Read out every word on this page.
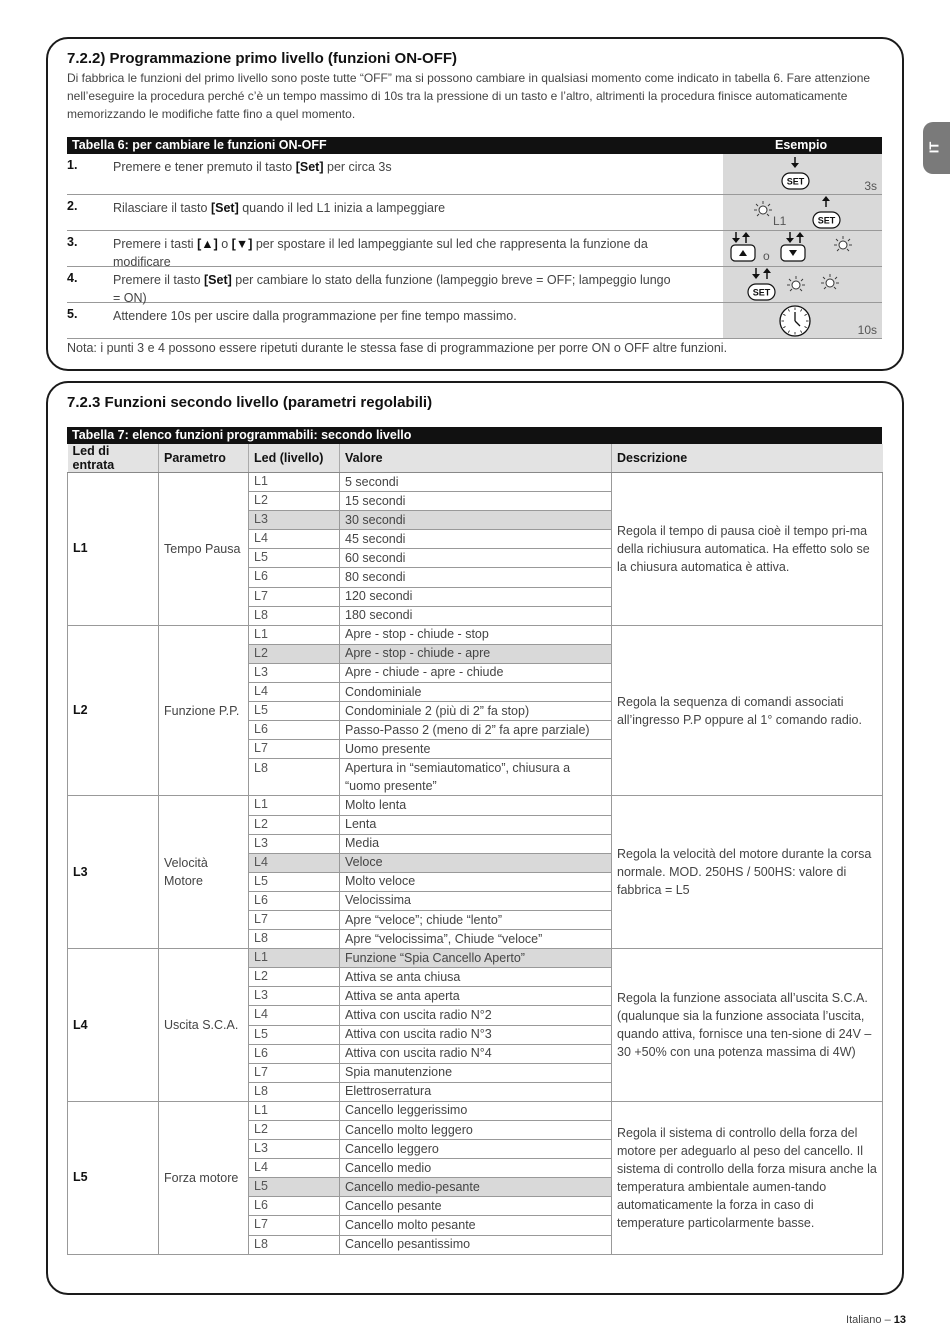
IT
7.2.2) Programmazione primo livello (funzioni ON-OFF)
Di fabbrica le funzioni del primo livello sono poste tutte “OFF” ma si possono cambiare in qualsiasi momento come indicato in tabella 6. Fare attenzione nell’eseguire la procedura perché c’è un tempo massimo di 10s tra la pressione di un tasto e l’altro, altrimenti la procedura finisce automaticamente memorizzando le modifiche fatte fino a quel momento.
Tabella 6: per cambiare le funzioni ON-OFF	Esempio
1.	Premere e tener premuto il tasto [Set] per circa 3s
SET	3s
2.	Rilasciare il tasto [Set] quando il led L1 inizia a lampeggiare
L1	SET
3.	Premere i tasti [▲] o [▼] per spostare il led lampeggiante sul led che rappresenta la funzione da modificare	o
4.	Premere il tasto [Set] per cambiare lo stato della funzione (lampeggio breve = OFF; lampeggio lungo = ON)	SET
5.	Attendere 10s per uscire dalla programmazione per fine tempo massimo.
10s
Nota: i punti 3 e 4 possono essere ripetuti durante le stessa fase di programmazione per porre ON o OFF altre funzioni.
7.2.3 Funzioni secondo livello (parametri regolabili)
Tabella 7: elenco funzioni programmabili: secondo livello
Led di entrata	Parametro	Led (livello)	Valore	Descrizione
L1	Tempo Pausa	L1	5 secondi	Regola il tempo di pausa cioè il tempo pri-ma della richiusura automatica. Ha effetto solo se la chiusura automatica è attiva.
		L2	15 secondi	
		L3	30 secondi	
		L4	45 secondi	
		L5	60 secondi	
		L6	80 secondi	
		L7	120 secondi	
		L8	180 secondi	
L2	Funzione P.P.	L1	Apre - stop - chiude - stop	Regola la sequenza di comandi associati all’ingresso P.P oppure al 1° comando radio.
		L2	Apre - stop - chiude - apre	
		L3	Apre - chiude - apre - chiude	
		L4	Condominiale	
		L5	Condominiale 2 (più di 2” fa stop)	
		L6	Passo-Passo 2 (meno di 2” fa apre parziale)	
		L7	Uomo presente	
		L8	Apertura in “semiautomatico”, chiusura a “uomo presente”	
L3	Velocità Motore	L1	Molto lenta	Regola la velocità del motore durante la corsa normale. MOD. 250HS / 500HS: valore di fabbrica = L5
		L2	Lenta	
		L3	Media	
		L4	Veloce	
		L5	Molto veloce	
		L6	Velocissima	
		L7	Apre “veloce”; chiude “lento”	
		L8	Apre “velocissima”, Chiude “veloce”	
L4	Uscita S.C.A.	L1	Funzione “Spia Cancello Aperto”	Regola la funzione associata all’uscita S.C.A. (qualunque sia la funzione associata l’uscita, quando attiva, fornisce una ten-sione di 24V –30 +50% con una potenza massima di 4W)
		L2	Attiva se anta chiusa	
		L3	Attiva se anta aperta	
		L4	Attiva con uscita radio N°2	
		L5	Attiva con uscita radio N°3	
		L6	Attiva con uscita radio N°4	
		L7	Spia manutenzione	
		L8	Elettroserratura	
L5	Forza motore	L1	Cancello leggerissimo	Regola il sistema di controllo della forza del motore per adeguarlo al peso del cancello. Il sistema di controllo della forza misura anche la temperatura ambientale aumen-tando automaticamente la forza in caso di temperature particolarmente basse.
		L2	Cancello molto leggero	
		L3	Cancello leggero	
		L4	Cancello medio	
		L5	Cancello medio-pesante	
		L6	Cancello pesante	
		L7	Cancello molto pesante	
		L8	Cancello pesantissimo	
Italiano – 13
